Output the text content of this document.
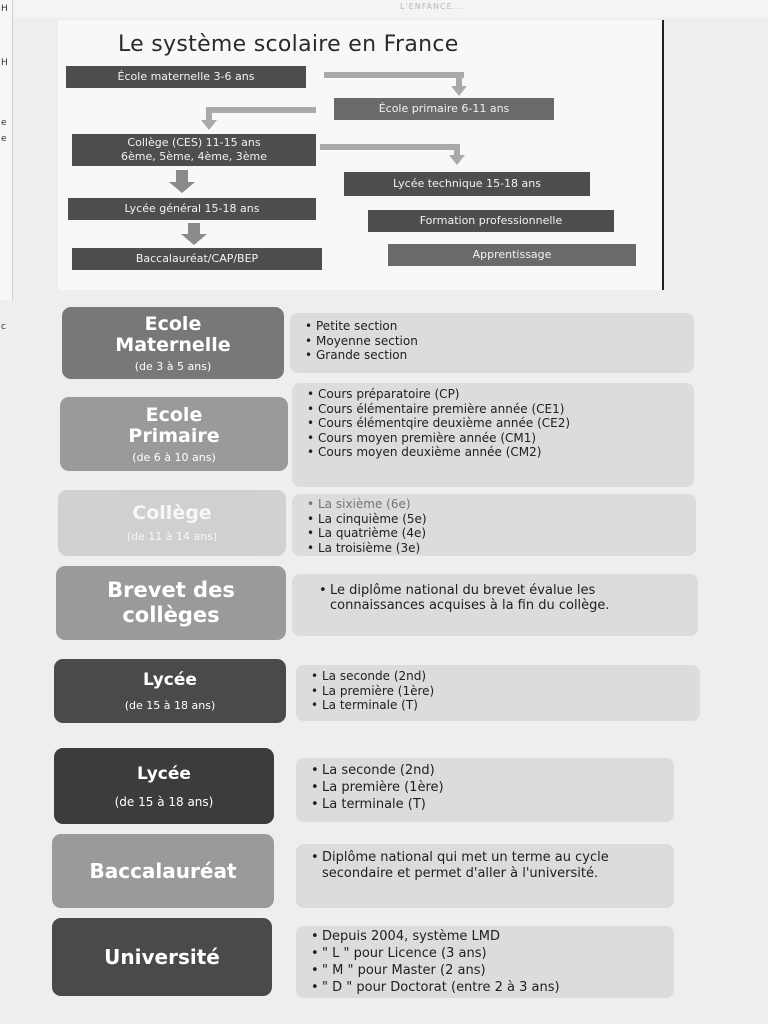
L'ENFANCE...
H
H
e
e
c
Le système scolaire en France
École maternelle 3-6 ans
École primaire 6-11 ans
Collège (CES) 11-15 ans
6ème, 5ème, 4ème, 3ème
Lycée technique 15-18 ans
Lycée général 15-18 ans
Formation professionnelle
Baccalauréat/CAP/BEP	Apprentissage
Ecole
Maternelle
(de 3 à 5 ans)
• Petite section
• Moyenne section
• Grande section
Ecole
Primaire
(de 6 à 10 ans)
• Cours préparatoire (CP)
• Cours élémentaire première année (CE1)
• Cours élémentqire deuxième année (CE2)
• Cours moyen première année (CM1)
• Cours moyen deuxième année (CM2)
Collège
(de 11 à 14 ans)
• La sixième (6e)
• La cinquième (5e)
• La quatrième (4e)
• La troisième (3e)
Brevet des
collèges
• Le diplôme national du brevet évalue les connaissances acquises à la fin du collège.
Lycée
(de 15 à 18 ans)
• La seconde (2nd)
• La première (1ère)
• La terminale (T)
Lycée
(de 15 à 18 ans)
• La seconde (2nd)
• La première (1ère)
• La terminale (T)
Baccalauréat
• Diplôme national qui met un terme au cycle secondaire et permet d'aller à l'université.
Université
• Depuis 2004, système LMD
• " L " pour Licence (3 ans)
• " M " pour Master (2 ans)
• " D " pour Doctorat (entre 2 à 3 ans)
